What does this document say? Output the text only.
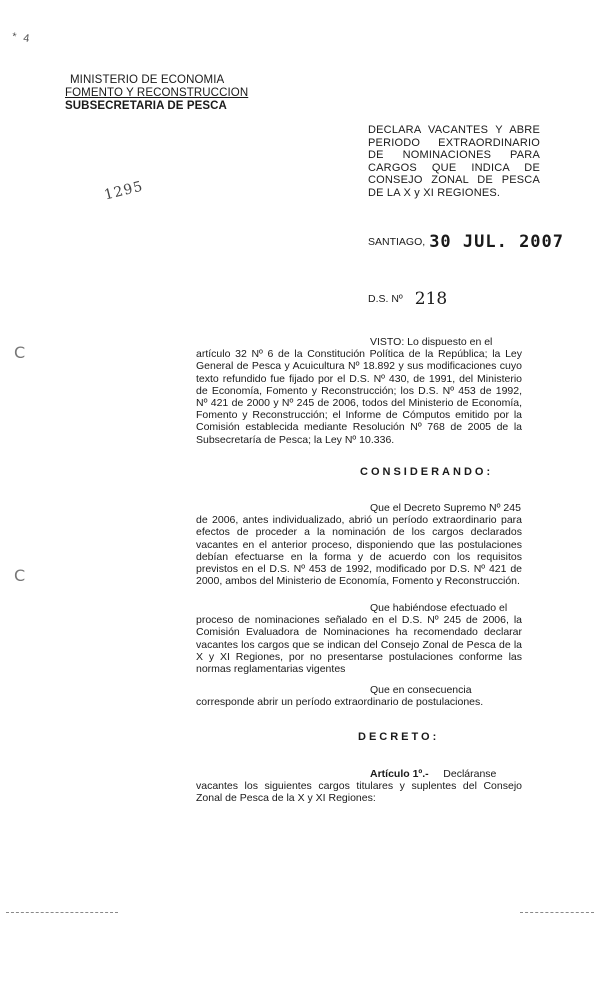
* 4
MINISTERIO DE ECONOMIA
FOMENTO Y RECONSTRUCCION
SUBSECRETARIA DE PESCA
1295
DECLARA VACANTES Y ABRE PERIODO EXTRAORDINARIO DE NOMINACIONES PARA CARGOS QUE INDICA DE CONSEJO ZONAL DE PESCA DE LA X y XI REGIONES.
SANTIAGO, 30 JUL. 2007
D.S. Nº 218
C
C
VISTO: Lo dispuesto en el
artículo 32 Nº 6 de la Constitución Política de la República; la Ley General de Pesca y Acuicultura Nº 18.892 y sus modificaciones cuyo texto refundido fue fijado por el D.S. Nº 430, de 1991, del Ministerio de Economía, Fomento y Reconstrucción; los D.S. Nº 453 de 1992, Nº 421 de 2000 y Nº 245 de 2006, todos del Ministerio de Economía, Fomento y Reconstrucción; el Informe de Cómputos emitido por la Comisión establecida mediante Resolución Nº 768 de 2005 de la Subsecretaría de Pesca; la Ley Nº 10.336.
CONSIDERANDO:
Que el Decreto Supremo Nº 245
de 2006, antes individualizado, abrió un período extraordinario para efectos de proceder a la nominación de los cargos declarados vacantes en el anterior proceso, disponiendo que las postulaciones debían efectuarse en la forma y de acuerdo con los requisitos previstos en el D.S. Nº 453 de 1992, modificado por D.S. Nº 421 de 2000, ambos del Ministerio de Economía, Fomento y Reconstrucción.
Que habiéndose efectuado el
proceso de nominaciones señalado en el D.S. Nº 245 de 2006, la Comisión Evaluadora de Nominaciones ha recomendado declarar vacantes los cargos que se indican del Consejo Zonal de Pesca de la X y XI Regiones, por no presentarse postulaciones conforme las normas reglamentarias vigentes
Que en consecuencia
corresponde abrir un período extraordinario de postulaciones.
DECRETO:
Artículo 1º.- Decláranse
vacantes los siguientes cargos titulares y suplentes del Consejo Zonal de Pesca de la X y XI Regiones:
